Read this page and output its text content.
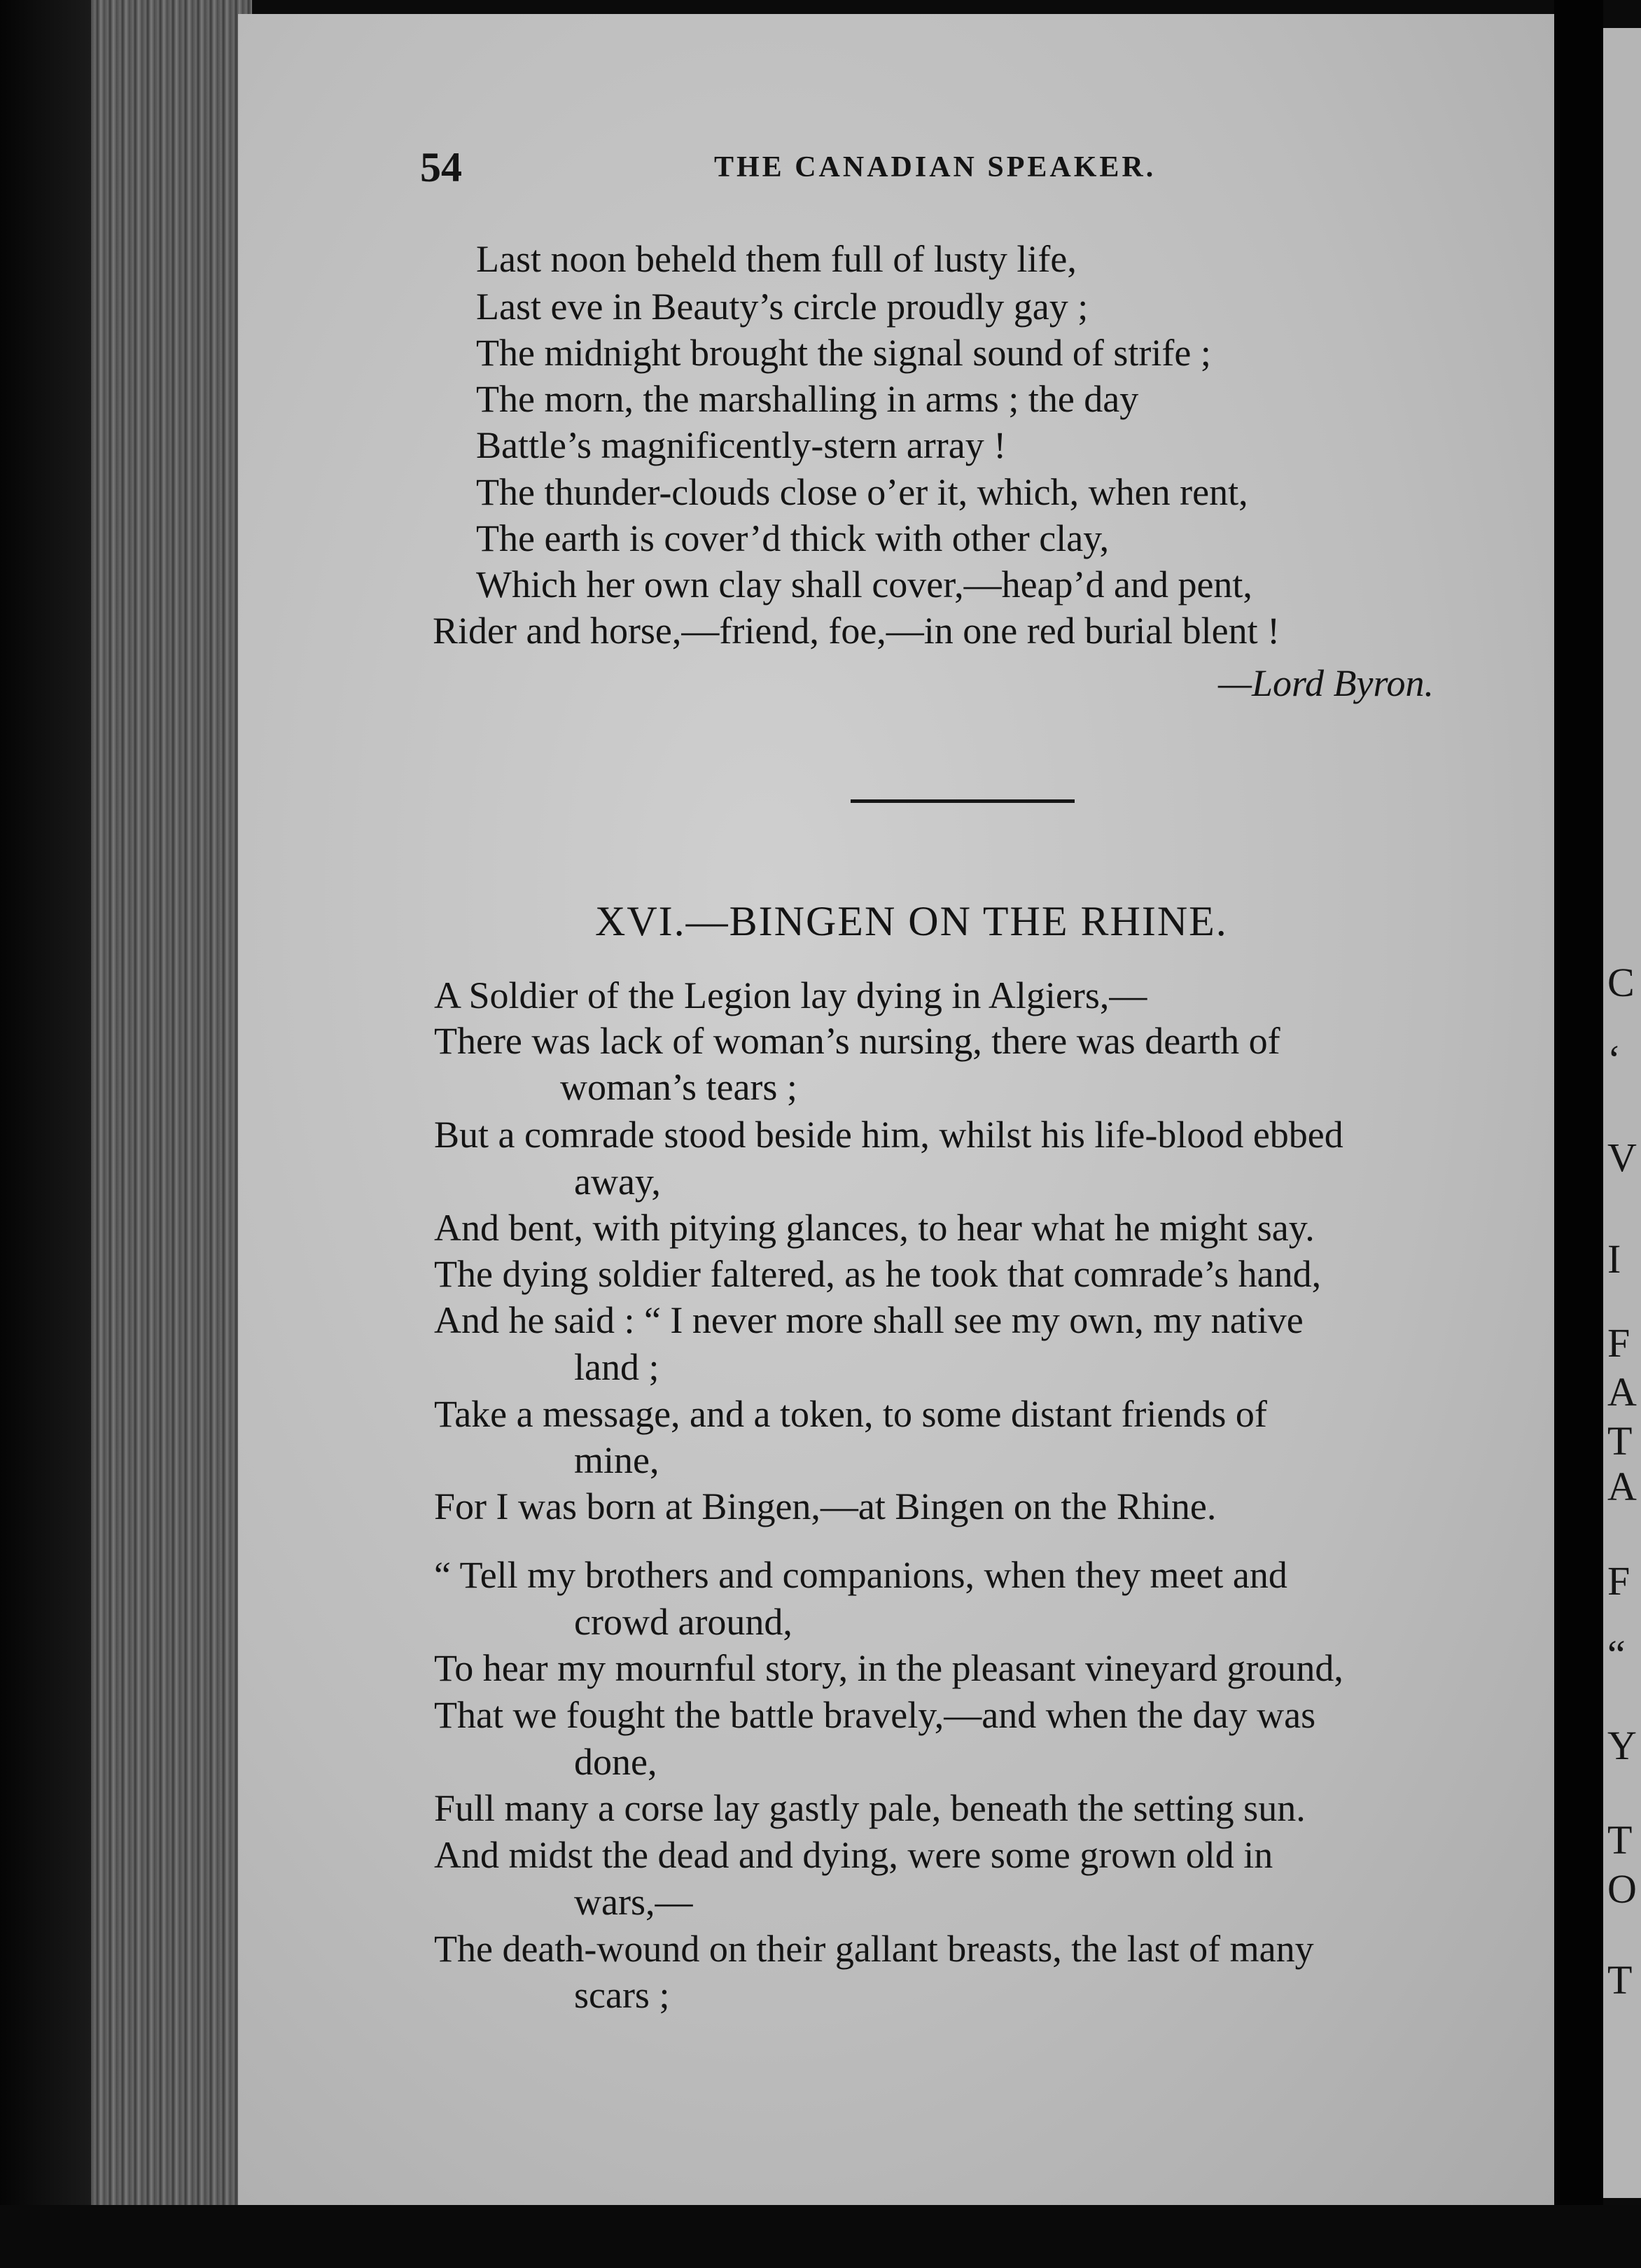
C
‘
V
I
F
A
T
A
F
“
Y
T
O
T
54	THE CANADIAN SPEAKER.
Last noon beheld them full of lusty life,
Last eve in Beauty’s circle proudly gay ;
The midnight brought the signal sound of strife ;
The morn, the marshalling in arms ; the day
Battle’s magnificently-stern array !
The thunder-clouds close o’er it, which, when rent,
The earth is cover’d thick with other clay,
Which her own clay shall cover,—heap’d and pent,
Rider and horse,—friend, foe,—in one red burial blent !
—Lord Byron.
XVI.—BINGEN ON THE RHINE.
A Soldier of the Legion lay dying in Algiers,—
There was lack of woman’s nursing, there was dearth of
woman’s tears ;
But a comrade stood beside him, whilst his life-blood ebbed
away,
And bent, with pitying glances, to hear what he might say.
The dying soldier faltered, as he took that comrade’s hand,
And he said : “ I never more shall see my own, my native
land ;
Take a message, and a token, to some distant friends of
mine,
For I was born at Bingen,—at Bingen on the Rhine.
“ Tell my brothers and companions, when they meet and
crowd around,
To hear my mournful story, in the pleasant vineyard ground,
That we fought the battle bravely,—and when the day was
done,
Full many a corse lay gastly pale, beneath the setting sun.
And midst the dead and dying, were some grown old in
wars,—
The death-wound on their gallant breasts, the last of many
scars ;
